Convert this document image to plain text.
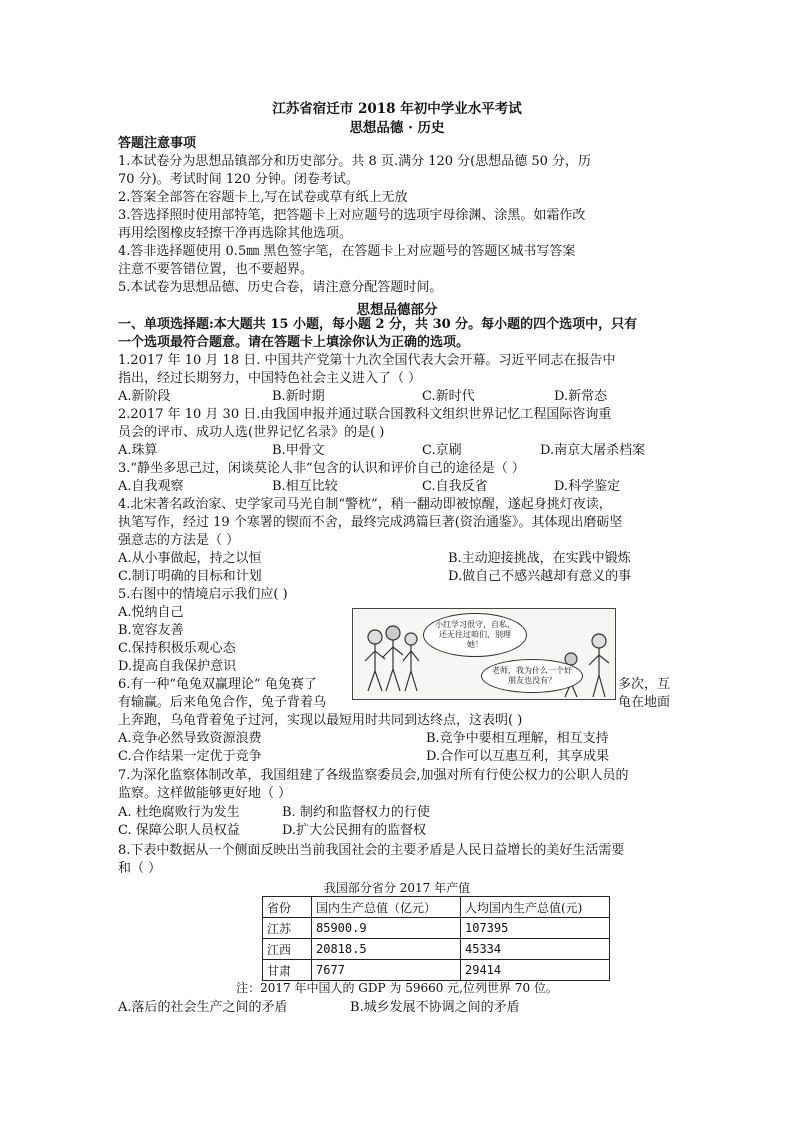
江苏省宿迁市 2018 年初中学业水平考试
思想品德 · 历史
答题注意事项
1.本试卷分为思想品镇部分和历史部分。共 8 页.满分 120 分(思想品德 50 分，历
70 分)。考试时间 120 分钟。闭卷考试。
2.答案全部答在容题卡上,写在试卷或草有纸上无放
3.答选择照时使用部特笔，把答题卡上对应题号的选项宇母徐渊、涂黑。如霜作改
再用绘图橡皮轻擦干净再选除其他选项。
4.答非选择题使用 0.5㎜ 黑色签字笔，在答题卡上对应题号的答题区城书写答案
注意不要答错位置，也不要超界。
5.本试卷为思想品德、历史合卷，请注意分配答题时间。
思想品德部分
一、单项选择题:本大题共 15 小题，每小题 2 分，共 30 分。每小题的四个选项中，只有
一个选项最符合题意。请在答题卡上填涂你认为正确的选项。
1.2017 年 10 月 18 日. 中国共产党第十九次全国代表大会开幕。习近平同志在报告中
指出，经过长期努力，中国特色社会主义进入了（ ）
A.新阶段	B.新时期	C.新时代	D.新常态
2.2017 年 10 月 30 日.由我国申报并通过联合国教科文组织世界记忆工程国际咨询重
员会的评市、成功人选(世界记忆名录》的是( )
A.珠算	B.甲骨文	C.京刷	D.南京大屠杀档案
3.“静坐多思己过，闲谈莫论人非“包含的认识和评价自己的途径是（ ）
A.自我观察	B.相互比较	C.自我反省	D.科学鉴定
4.北宋著名政治家、史学家司马光自制“警枕”，稍一翻动即被惊醒，遂起身挑灯夜读，
执笔写作，经过 19 个寒署的锲而不舍，最终完成鸿篇巨著(资治通鉴》。其体现出磨砺坚
强意志的方法是（ ）
A.从小事做起，持之以恒	B.主动迎接挑战，在实践中锻炼
C.制订明确的目标和计划	D.做自己不感兴越却有意义的事
5.右图中的情境启示我们应( )
A.悦纳自己
B.宽容友善
C.保持积极乐观心态
D.提高自我保护意识
小红学习很守，自私，还无往过咱们，别理她！
老师，我为什么一个好朋友也没有？
6.有一种“龟兔双赢理论” 龟兔赛了	多次，互
有输赢。后来龟兔合作，兔子背着乌	龟在地面
上奔跑，乌龟背着兔子过河，实现以最短用时共同到达终点，这表明( )
A.竞争必然导致资源浪费	B.竞争中要相互理解，相互支持
C.合作结果一定优于竞争	D.合作可以互惠互利，其享成果
7.为深化监察体制改革，我国组建了各级监察委员会,加强对所有行使公权力的公职人员的
监察。这样做能够更好地（ ）
A. 杜绝腐败行为发生	B. 制约和监督权力的行使
C. 保障公职人员权益	D.扩大公民拥有的监督权
8.下表中数据从一个侧面反映出当前我国社会的主要矛盾是人民日益增长的美好生活需要
和（ ）
我国部分省分 2017 年产值
省份	国内生产总值（亿元）	人均国内生产总值(元)
江苏	85900.9	107395
江西	20818.5	45334
甘肃	7677	29414
注：2017 年中国人的 GDP 为 59660 元,位列世界 70 位。
A.落后的社会生产之间的矛盾	B.城乡发展不协调之间的矛盾
